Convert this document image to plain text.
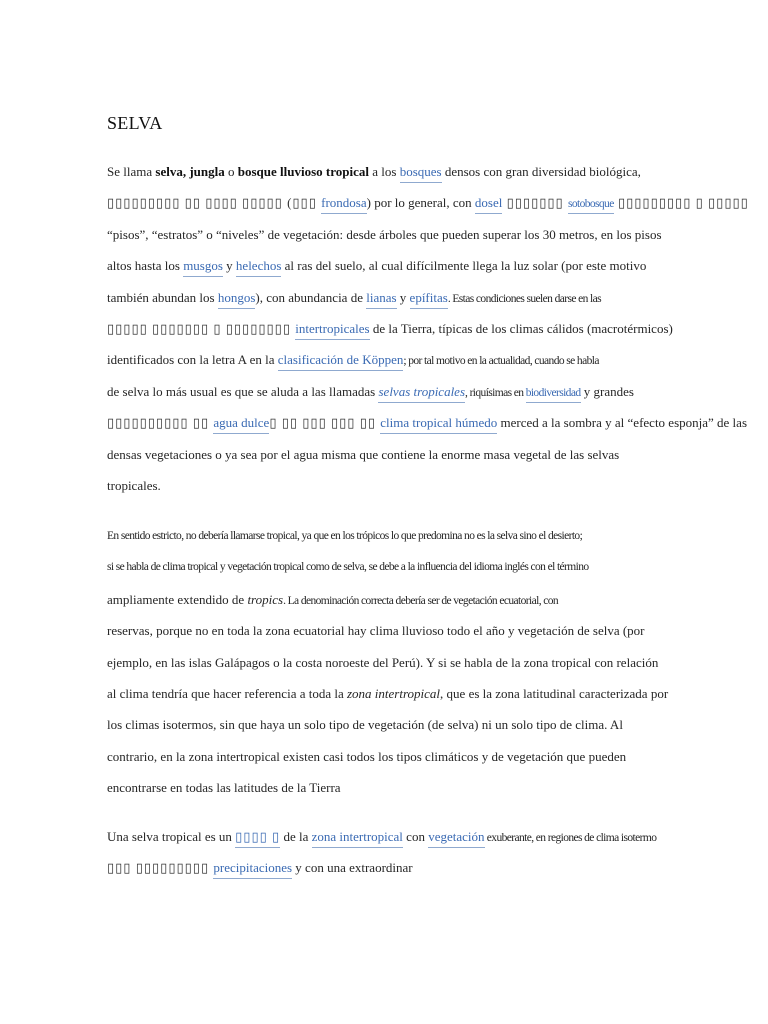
SELVA
Se llama selva, jungla o bosque lluvioso tropical a los bosques densos con gran diversidad biológica,
▯▯▯▯▯▯▯▯▯ ▯▯ ▯▯▯▯ ▯▯▯▯▯ (▯▯▯ frondosa) por lo general, con dosel ▯▯▯▯▯▯▯ sotobosque ▯▯▯▯▯▯▯▯▯ ▯ ▯▯▯▯▯
“pisos”, “estratos” o “niveles” de vegetación: desde árboles que pueden superar los 30 metros, en los pisos
altos hasta los musgos y helechos al ras del suelo, al cual difícilmente llega la luz solar (por este motivo
también abundan los hongos), con abundancia de lianas y epífitas. Estas condiciones suelen darse en las
▯▯▯▯▯ ▯▯▯▯▯▯▯ ▯ ▯▯▯▯▯▯▯▯ intertropicales de la Tierra, típicas de los climas cálidos (macrotérmicos)
identificados con la letra A en la clasificación de Köppen; por tal motivo en la actualidad, cuando se habla
de selva lo más usual es que se aluda a las llamadas selvas tropicales, riquísimas en biodiversidad y grandes
▯▯▯▯▯▯▯▯▯▯ ▯▯ agua dulce▯ ▯▯ ▯▯▯ ▯▯▯ ▯▯ clima tropical húmedo merced a la sombra y al “efecto esponja” de las
densas vegetaciones o ya sea por el agua misma que contiene la enorme masa vegetal de las selvas
tropicales.
En sentido estricto, no debería llamarse tropical, ya que en los trópicos lo que predomina no es la selva sino el desierto;
si se habla de clima tropical y vegetación tropical como de selva, se debe a la influencia del idioma inglés con el término
ampliamente extendido de tropics. La denominación correcta debería ser de vegetación ecuatorial, con
reservas, porque no en toda la zona ecuatorial hay clima lluvioso todo el año y vegetación de selva (por
ejemplo, en las islas Galápagos o la costa noroeste del Perú). Y si se habla de la zona tropical con relación
al clima tendría que hacer referencia a toda la zona intertropical, que es la zona latitudinal caracterizada por
los climas isotermos, sin que haya un solo tipo de vegetación (de selva) ni un solo tipo de clima. Al
contrario, en la zona intertropical existen casi todos los tipos climáticos y de vegetación que pueden
encontrarse en todas las latitudes de la Tierra
Una selva tropical es un ▯▯▯▯ ▯ de la zona intertropical con vegetación exuberante, en regiones de clima isotermo
▯▯▯ ▯▯▯▯▯▯▯▯▯ precipitaciones y con una extraordinar
